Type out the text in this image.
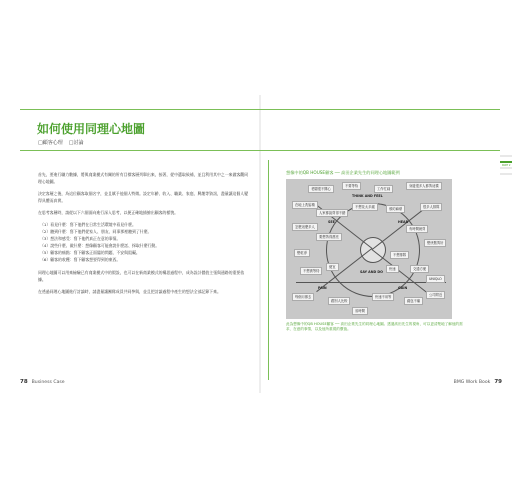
如何使用同理心地圖
□顧客心理 □討論

首先，要進行職力數據，將與商業模式有關的所有目標客層列舉出來，接著，從中選取候補，並且利用其中之一來做客觀同理心地圖。

決定客層之後，為這位顧客取個名字，並且賦予他個人特徵。設定年齡、收入、職業、家庭、興趣等資訊，盡量讓這個人變得具體而真實。

在思考客層時，請從以下六個面向進行深入思考，以便正確地描繪出顧客的樣貌。

（1）看見什麼：寫下他們在日常生活環境中看見什麼。
（2）聽到什麼：寫下他們從家人、朋友、同事那裡聽到了什麼。
（3）想法和感受：寫下他們真正在意的事情。
（4）說些什麼、做什麼：想像顧客可能會說什麼話、採取什麼行動。
（5）顧客的痛點：寫下顧客正面臨的問題、不安與阻礙。
（6）顧客的收穫：寫下顧客想要得到的東西。

同理心地圖可以用來檢驗已有商業模式中的假設，也可以在新商業模式的構思過程中，成為設計價值主張與通路的重要依據。

在透過同理心地圖進行討論時，請盡量讓團隊成員共同參與，並且把討論過程中產生的想法全部記錄下來。

想像中的QB HOUSE顧客 ── 高田企業先生的同理心地圖範例
老闆很不開心
不要等待
工作忙碌
身邊很多人都剪這樣
在地上洗髮精
人家都說剪得不錯
不想花太多錢	預約麻煩	很多人排隊
怎麼這麼多人
要想剪得漂亮
有時間就剪
想快點剪好
不想排隊
想乾淨
SEE	HEAR
THINK AND FEEL
SAY AND DO
PAIN	GAIN
不想被等待
便宜	快速	交通方便
UNIQLO
每個月都去
跟別人比較
快速不用等
錢包不痛
公司附近
省時間
此為想像中的QB HOUSE顧客 ── 高田企業先生的同理心地圖。透過高田先生的視角，可以更清楚地了解他的需求、在意的事情，以及他所重視的價值。
PART 2
78 Business Case	BMG Work Book 79
